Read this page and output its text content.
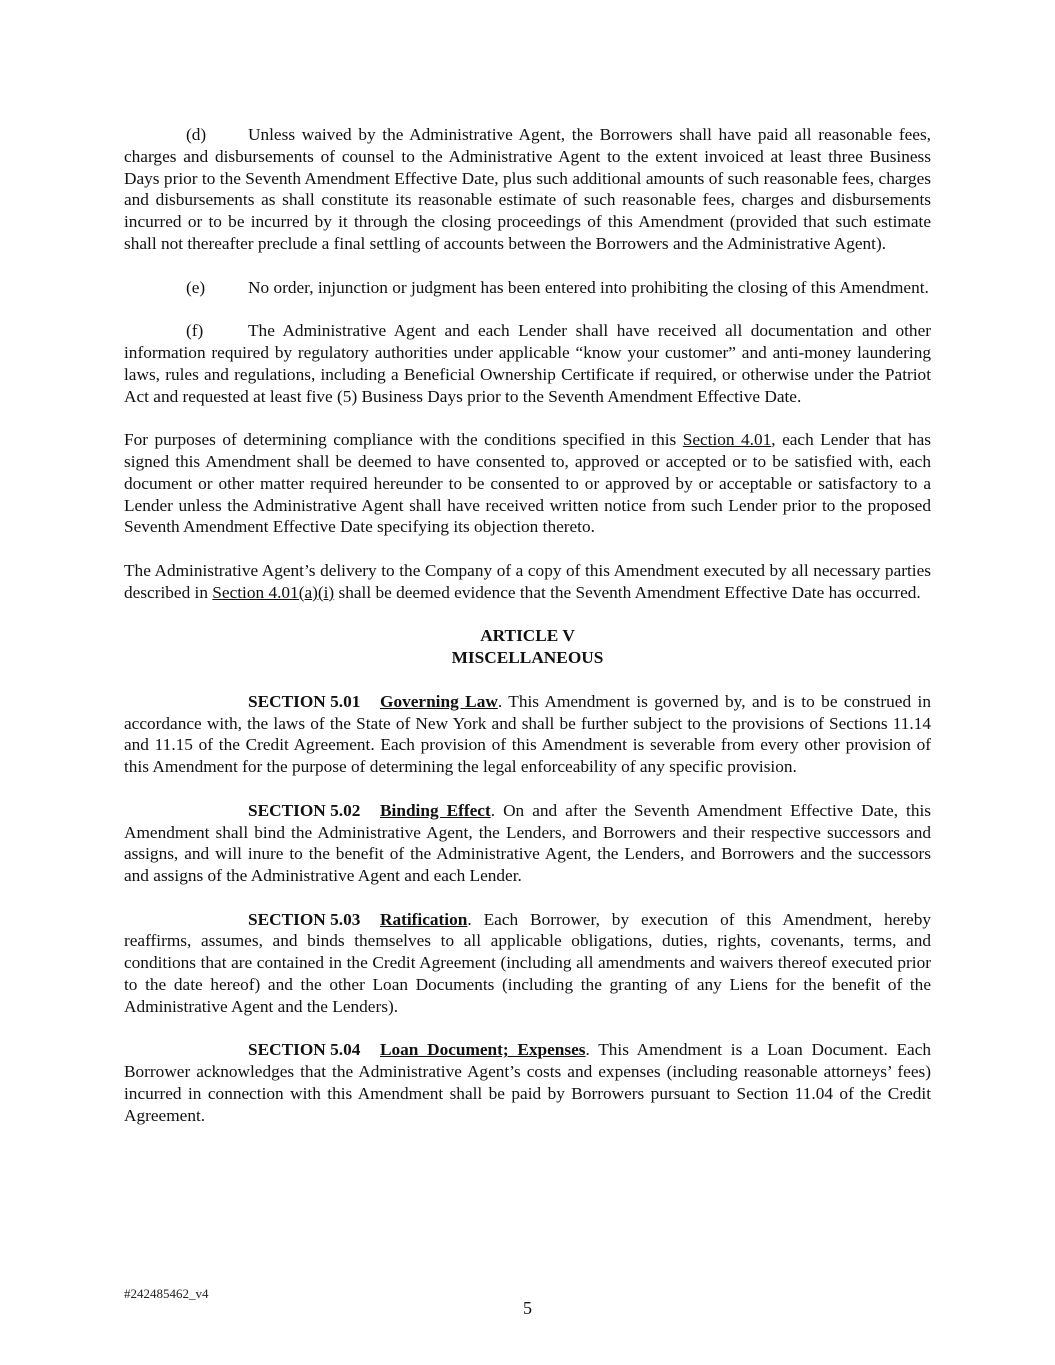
(d) Unless waived by the Administrative Agent, the Borrowers shall have paid all reasonable fees, charges and disbursements of counsel to the Administrative Agent to the extent invoiced at least three Business Days prior to the Seventh Amendment Effective Date, plus such additional amounts of such reasonable fees, charges and disbursements as shall constitute its reasonable estimate of such reasonable fees, charges and disbursements incurred or to be incurred by it through the closing proceedings of this Amendment (provided that such estimate shall not thereafter preclude a final settling of accounts between the Borrowers and the Administrative Agent).

(e) No order, injunction or judgment has been entered into prohibiting the closing of this Amendment.

(f)	The Administrative Agent and each Lender shall have received all documentation and other information required by regulatory authorities under applicable “know your customer” and anti-money laundering laws, rules and regulations, including a Beneficial Ownership Certificate if required, or otherwise under the Patriot Act and requested at least five (5) Business Days prior to the Seventh Amendment Effective Date.

For purposes of determining compliance with the conditions specified in this Section 4.01, each Lender that has signed this Amendment shall be deemed to have consented to, approved or accepted or to be satisfied with, each document or other matter required hereunder to be consented to or approved by or acceptable or satisfactory to a Lender unless the Administrative Agent shall have received written notice from such Lender prior to the proposed Seventh Amendment Effective Date specifying its objection thereto.

The Administrative Agent’s delivery to the Company of a copy of this Amendment executed by all necessary parties described in Section 4.01(a)(i) shall be deemed evidence that the Seventh Amendment Effective Date has occurred.

ARTICLE V
MISCELLANEOUS

SECTION 5.01 Governing Law. This Amendment is governed by, and is to be construed in accordance with, the laws of the State of New York and shall be further subject to the provisions of Sections 11.14 and 11.15 of the Credit Agreement. Each provision of this Amendment is severable from every other provision of this Amendment for the purpose of determining the legal enforceability of any specific provision.

SECTION 5.02 Binding Effect. On and after the Seventh Amendment Effective Date, this Amendment shall bind the Administrative Agent, the Lenders, and Borrowers and their respective successors and assigns, and will inure to the benefit of the Administrative Agent, the Lenders, and Borrowers and the successors and assigns of the Administrative Agent and each Lender.

SECTION 5.03 Ratification. Each Borrower, by execution of this Amendment, hereby reaffirms, assumes, and binds themselves to all applicable obligations, duties, rights, covenants, terms, and conditions that are contained in the Credit Agreement (including all amendments and waivers thereof executed prior to the date hereof) and the other Loan Documents (including the granting of any Liens for the benefit of the Administrative Agent and the Lenders).

SECTION 5.04 Loan Document; Expenses. This Amendment is a Loan Document. Each Borrower acknowledges that the Administrative Agent’s costs and expenses (including reasonable attorneys’ fees) incurred in connection with this Amendment shall be paid by Borrowers pursuant to Section 11.04 of the Credit Agreement.

#242485462_v4
5
